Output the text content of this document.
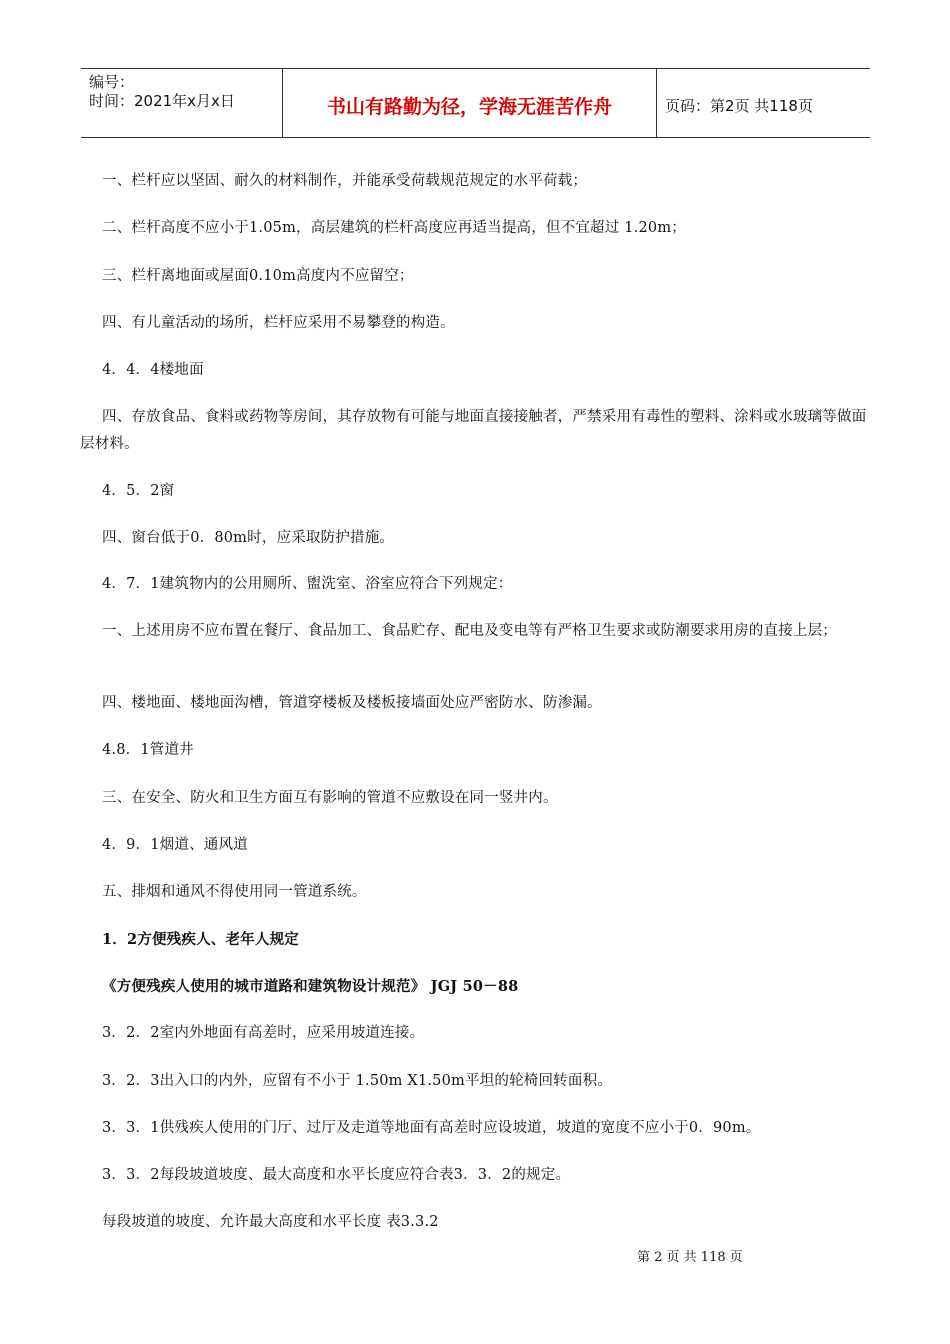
编号：
时间：2021年x月x日	书山有路勤为径，学海无涯苦作舟	页码：第2页 共118页
一、栏杆应以坚固、耐久的材料制作，并能承受荷载规范规定的水平荷载；
二、栏杆高度不应小于1.05m，高层建筑的栏杆高度应再适当提高，但不宜超过 1.20m；
三、栏杆离地面或屋面0.10m高度内不应留空；
四、有儿童活动的场所，栏杆应采用不易攀登的构造。
4．4．4楼地面
四、存放食品、食料或药物等房间，其存放物有可能与地面直接接触者，严禁采用有毒性的塑料、涂料或水玻璃等做面层材料。
4．5．2窗
四、窗台低于0．80m时，应采取防护措施。
4．7．1建筑物内的公用厕所、盥洗室、浴室应符合下列规定：
一、上述用房不应布置在餐厅、食品加工、食品贮存、配电及变电等有严格卫生要求或防潮要求用房的直接上层；
四、楼地面、楼地面沟槽，管道穿楼板及楼板接墙面处应严密防水、防渗漏。
4.8．1管道井
三、在安全、防火和卫生方面互有影响的管道不应敷设在同一竖井内。
4．9．1烟道、通风道
五、排烟和通风不得使用同一管道系统。
1．2方便残疾人、老年人规定
《方便残疾人使用的城市道路和建筑物设计规范》 JGJ 50－88
3．2．2室内外地面有高差时，应采用坡道连接。
3．2．3出入口的内外，应留有不小于 1.50m X1.50m平坦的轮椅回转面积。
3．3．1供残疾人使用的门厅、过厅及走道等地面有高差时应设坡道，坡道的宽度不应小于0．90m。
3．3．2每段坡道坡度、最大高度和水平长度应符合表3．3．2的规定。
每段坡道的坡度、允许最大高度和水平长度 表3.3.2
第 2 页 共 118 页
